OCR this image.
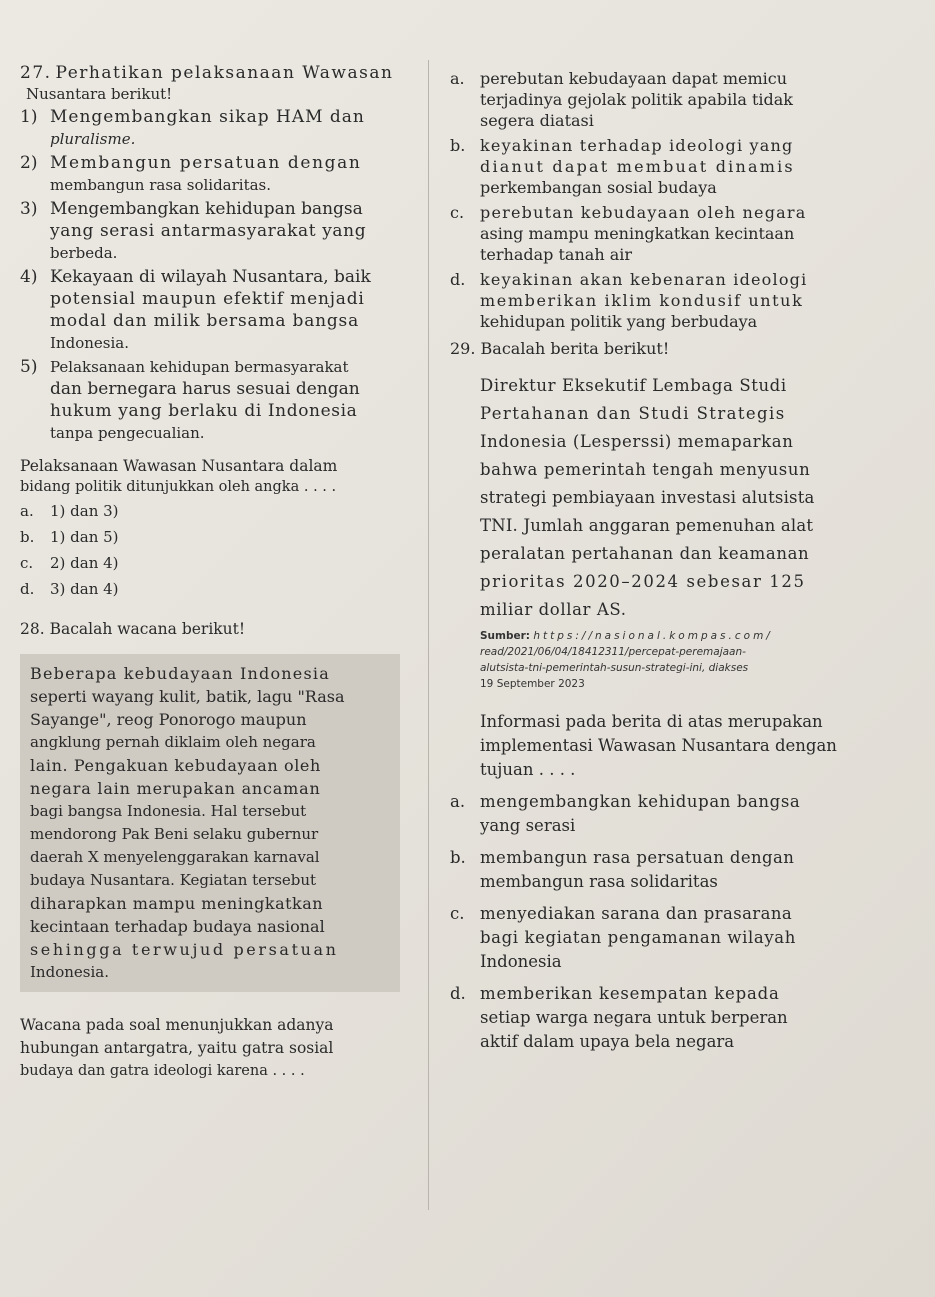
27. Perhatikan pelaksanaan Wawasan

Nusantara berikut!

1) Mengembangkan sikap HAM dan
pluralisme.
2) Membangun persatuan dengan
membangun rasa solidaritas.
3) Mengembangkan kehidupan bangsa
yang serasi antarmasyarakat yang
berbeda.
4) Kekayaan di wilayah Nusantara, baik
potensial maupun efektif menjadi
modal dan milik bersama bangsa
Indonesia.
5) Pelaksanaan kehidupan bermasyarakat
dan bernegara harus sesuai dengan
hukum yang berlaku di Indonesia
tanpa pengecualian.
Pelaksanaan Wawasan Nusantara dalam
bidang politik ditunjukkan oleh angka . . . .
a. 1) dan 3)
b. 1) dan 5)
c. 2) dan 4)
d. 3) dan 4)

28. Bacalah wacana berikut!

Beberapa kebudayaan Indonesia
seperti wayang kulit, batik, lagu "Rasa
Sayange", reog Ponorogo maupun
angklung pernah diklaim oleh negara
lain. Pengakuan kebudayaan oleh
negara lain merupakan ancaman
bagi bangsa Indonesia. Hal tersebut
mendorong Pak Beni selaku gubernur
daerah X menyelenggarakan karnaval
budaya Nusantara. Kegiatan tersebut
diharapkan mampu meningkatkan
kecintaan terhadap budaya nasional
sehingga terwujud persatuan
Indonesia.
Wacana pada soal menunjukkan adanya
hubungan antargatra, yaitu gatra sosial
budaya dan gatra ideologi karena . . . .
a. perebutan kebudayaan dapat memicu
terjadinya gejolak politik apabila tidak
segera diatasi
b. keyakinan terhadap ideologi yang
dianut dapat membuat dinamis
perkembangan sosial budaya
c. perebutan kebudayaan oleh negara
asing mampu meningkatkan kecintaan
terhadap tanah air
d. keyakinan akan kebenaran ideologi
memberikan iklim kondusif untuk
kehidupan politik yang berbudaya

29. Bacalah berita berikut!

Direktur Eksekutif Lembaga Studi
Pertahanan dan Studi Strategis
Indonesia (Lesperssi) memaparkan
bahwa pemerintah tengah menyusun
strategi pembiayaan investasi alutsista
TNI. Jumlah anggaran pemenuhan alat
peralatan pertahanan dan keamanan
prioritas 2020–2024 sebesar 125
miliar dollar AS.
Sumber: https://nasional.kompas.com/
read/2021/06/04/18412311/percepat-peremajaan-
alutsista-tni-pemerintah-susun-strategi-ini, diakses
19 September 2023
Informasi pada berita di atas merupakan
implementasi Wawasan Nusantara dengan
tujuan . . . .
a. mengembangkan kehidupan bangsa
yang serasi
b. membangun rasa persatuan dengan
membangun rasa solidaritas
c. menyediakan sarana dan prasarana
bagi kegiatan pengamanan wilayah
Indonesia
d. memberikan kesempatan kepada
setiap warga negara untuk berperan
aktif dalam upaya bela negara
